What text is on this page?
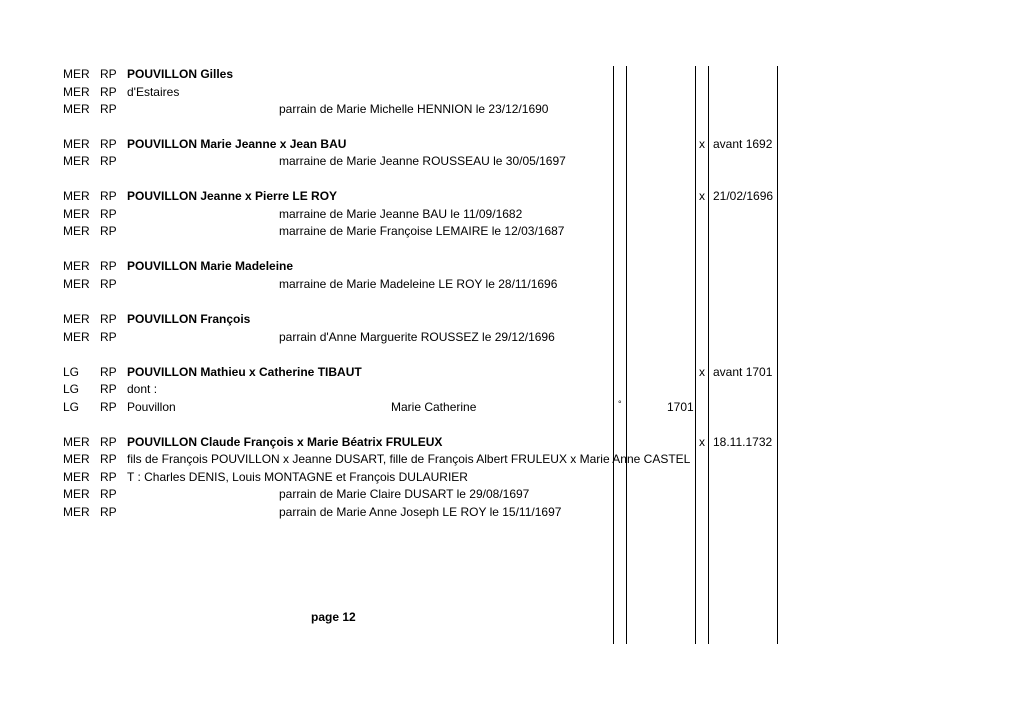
MER RP POUVILLON Gilles
MER RP d'Estaires
MER RP	parrain de Marie Michelle HENNION le 23/12/1690
MER RP POUVILLON Marie Jeanne x Jean BAU	x avant 1692
MER RP	marraine de Marie Jeanne ROUSSEAU le 30/05/1697
MER RP POUVILLON Jeanne x Pierre LE ROY	x 21/02/1696
MER RP	marraine de Marie Jeanne BAU le 11/09/1682
MER RP	marraine de Marie Françoise LEMAIRE le 12/03/1687
MER RP POUVILLON Marie Madeleine
MER RP	marraine de Marie Madeleine LE ROY le 28/11/1696
MER RP POUVILLON François
MER RP	parrain d'Anne Marguerite ROUSSEZ le 29/12/1696
LG RP POUVILLON Mathieu x Catherine TIBAUT	x avant 1701
LG RP dont :
LG RP Pouvillon	Marie Catherine	°	1701
MER RP POUVILLON Claude François x Marie Béatrix FRULEUX	x 18.11.1732
MER RP fils de François POUVILLON x Jeanne DUSART, fille de François Albert FRULEUX x Marie Anne CASTEL
MER RP T : Charles DENIS, Louis MONTAGNE et François DULAURIER
MER RP	parrain de Marie Claire DUSART le 29/08/1697
MER RP	parrain de Marie Anne Joseph LE ROY le 15/11/1697
page 12
